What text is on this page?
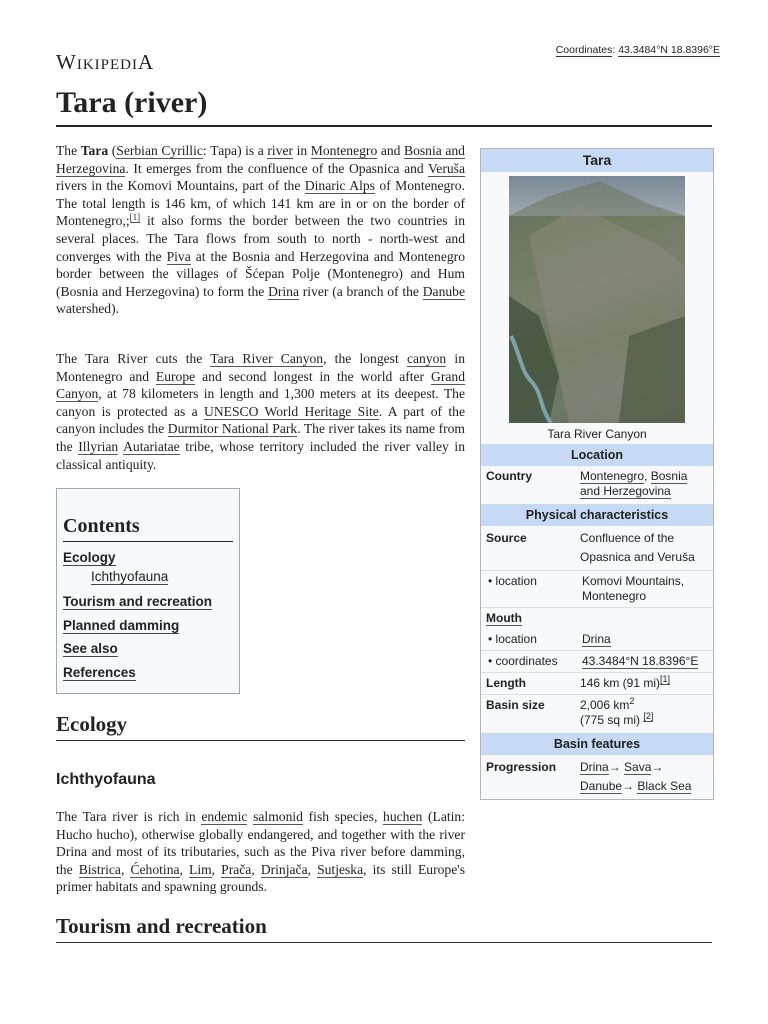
WikipediA	Coordinates: 43.3484°N 18.8396°E
Tara (river)
The Tara (Serbian Cyrillic: Тара) is a river in Montenegro and Bosnia and Herzegovina. It emerges from the confluence of the Opasnica and Veruša rivers in the Komovi Mountains, part of the Dinaric Alps of Montenegro. The total length is 146 km, of which 141 km are in or on the border of Montenegro,;[1] it also forms the border between the two countries in several places. The Tara flows from south to north - north-west and converges with the Piva at the Bosnia and Herzegovina and Montenegro border between the villages of Šćepan Polje (Montenegro) and Hum (Bosnia and Herzegovina) to form the Drina river (a branch of the Danube watershed).
The Tara River cuts the Tara River Canyon, the longest canyon in Montenegro and Europe and second longest in the world after Grand Canyon, at 78 kilometers in length and 1,300 meters at its deepest. The canyon is protected as a UNESCO World Heritage Site. A part of the canyon includes the Durmitor National Park. The river takes its name from the Illyrian Autariatae tribe, whose territory included the river valley in classical antiquity.
Tara
Tara River Canyon
Location
Country	Montenegro, Bosnia and Herzegovina
Physical characteristics
Source	Confluence of the Opasnica and Veruša
• location	Komovi Mountains, Montenegro
Mouth
• location	Drina
• coordinates	43.3484°N 18.8396°E
Length	146 km (91 mi)[1]
Basin size	2,006 $km^2$
(775 sq mi) [2]
Basin features
Progression	Drina→ Sava→ Danube→ Black Sea
Contents
Ecology
Ichthyofauna
Tourism and recreation
Planned damming
See also
References
Ecology
Ichthyofauna
The Tara river is rich in endemic salmonid fish species, huchen (Latin: Hucho hucho), otherwise globally endangered, and together with the river Drina and most of its tributaries, such as the Piva river before damming, the Bistrica, Ćehotina, Lim, Prača, Drinjača, Sutjeska, its still Europe's primer habitats and spawning grounds.
Tourism and recreation
